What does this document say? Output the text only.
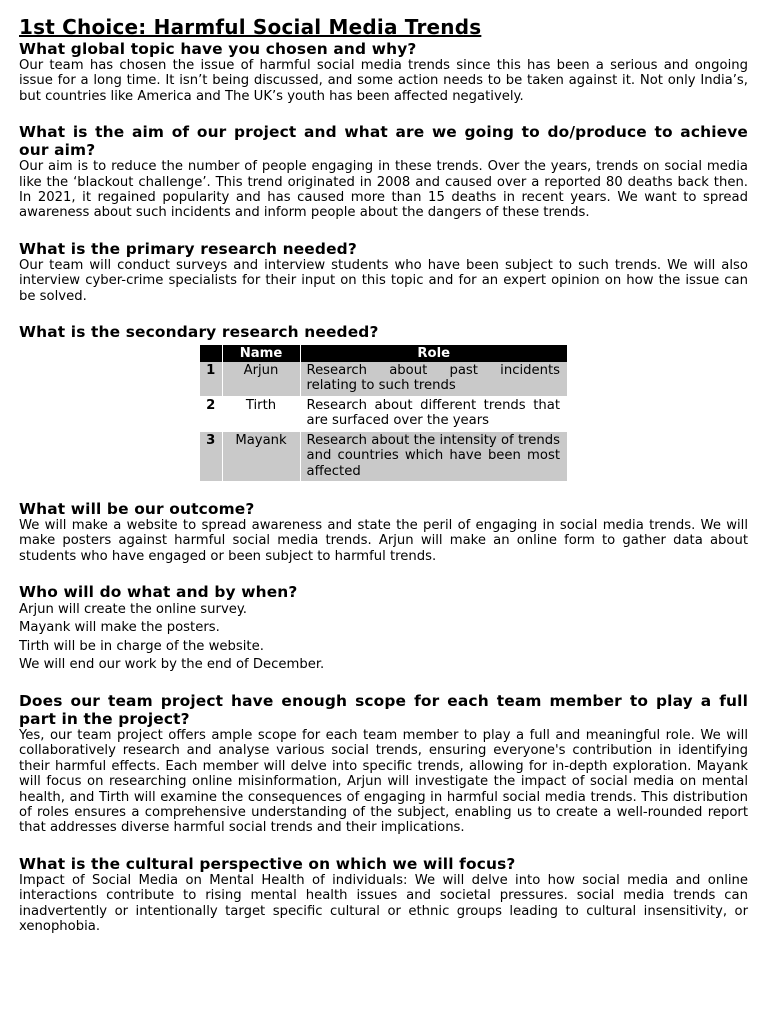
1st Choice: Harmful Social Media Trends
What global topic have you chosen and why?

Our team has chosen the issue of harmful social media trends since this has been a serious and ongoing issue for a long time. It isn’t being discussed, and some action needs to be taken against it. Not only India’s, but countries like America and The UK’s youth has been affected negatively.

What is the aim of our project and what are we going to do/produce to achieve our aim?

Our aim is to reduce the number of people engaging in these trends. Over the years, trends on social media like the ‘blackout challenge’. This trend originated in 2008 and caused over a reported 80 deaths back then. In 2021, it regained popularity and has caused more than 15 deaths in recent years. We want to spread awareness about such incidents and inform people about the dangers of these trends.

What is the primary research needed?

Our team will conduct surveys and interview students who have been subject to such trends. We will also interview cyber-crime specialists for their input on this topic and for an expert opinion on how the issue can be solved.

What is the secondary research needed?
	Name	Role
1	Arjun	Research about past incidents relating to such trends
2	Tirth	Research about different trends that are surfaced over the years
3	Mayank	Research about the intensity of trends and countries which have been most affected
What will be our outcome?

We will make a website to spread awareness and state the peril of engaging in social media trends. We will make posters against harmful social media trends. Arjun will make an online form to gather data about students who have engaged or been subject to harmful trends.

Who will do what and by when?
Arjun will create the online survey.
Mayank will make the posters.
Tirth will be in charge of the website.
We will end our work by the end of December.
Does our team project have enough scope for each team member to play a full part in the project?

Yes, our team project offers ample scope for each team member to play a full and meaningful role. We will collaboratively research and analyse various social trends, ensuring everyone's contribution in identifying their harmful effects. Each member will delve into specific trends, allowing for in-depth exploration. Mayank will focus on researching online misinformation, Arjun will investigate the impact of social media on mental health, and Tirth will examine the consequences of engaging in harmful social media trends. This distribution of roles ensures a comprehensive understanding of the subject, enabling us to create a well-rounded report that addresses diverse harmful social trends and their implications.

What is the cultural perspective on which we will focus?

Impact of Social Media on Mental Health of individuals: We will delve into how social media and online interactions contribute to rising mental health issues and societal pressures. social media trends can inadvertently or intentionally target specific cultural or ethnic groups leading to cultural insensitivity, or xenophobia.
